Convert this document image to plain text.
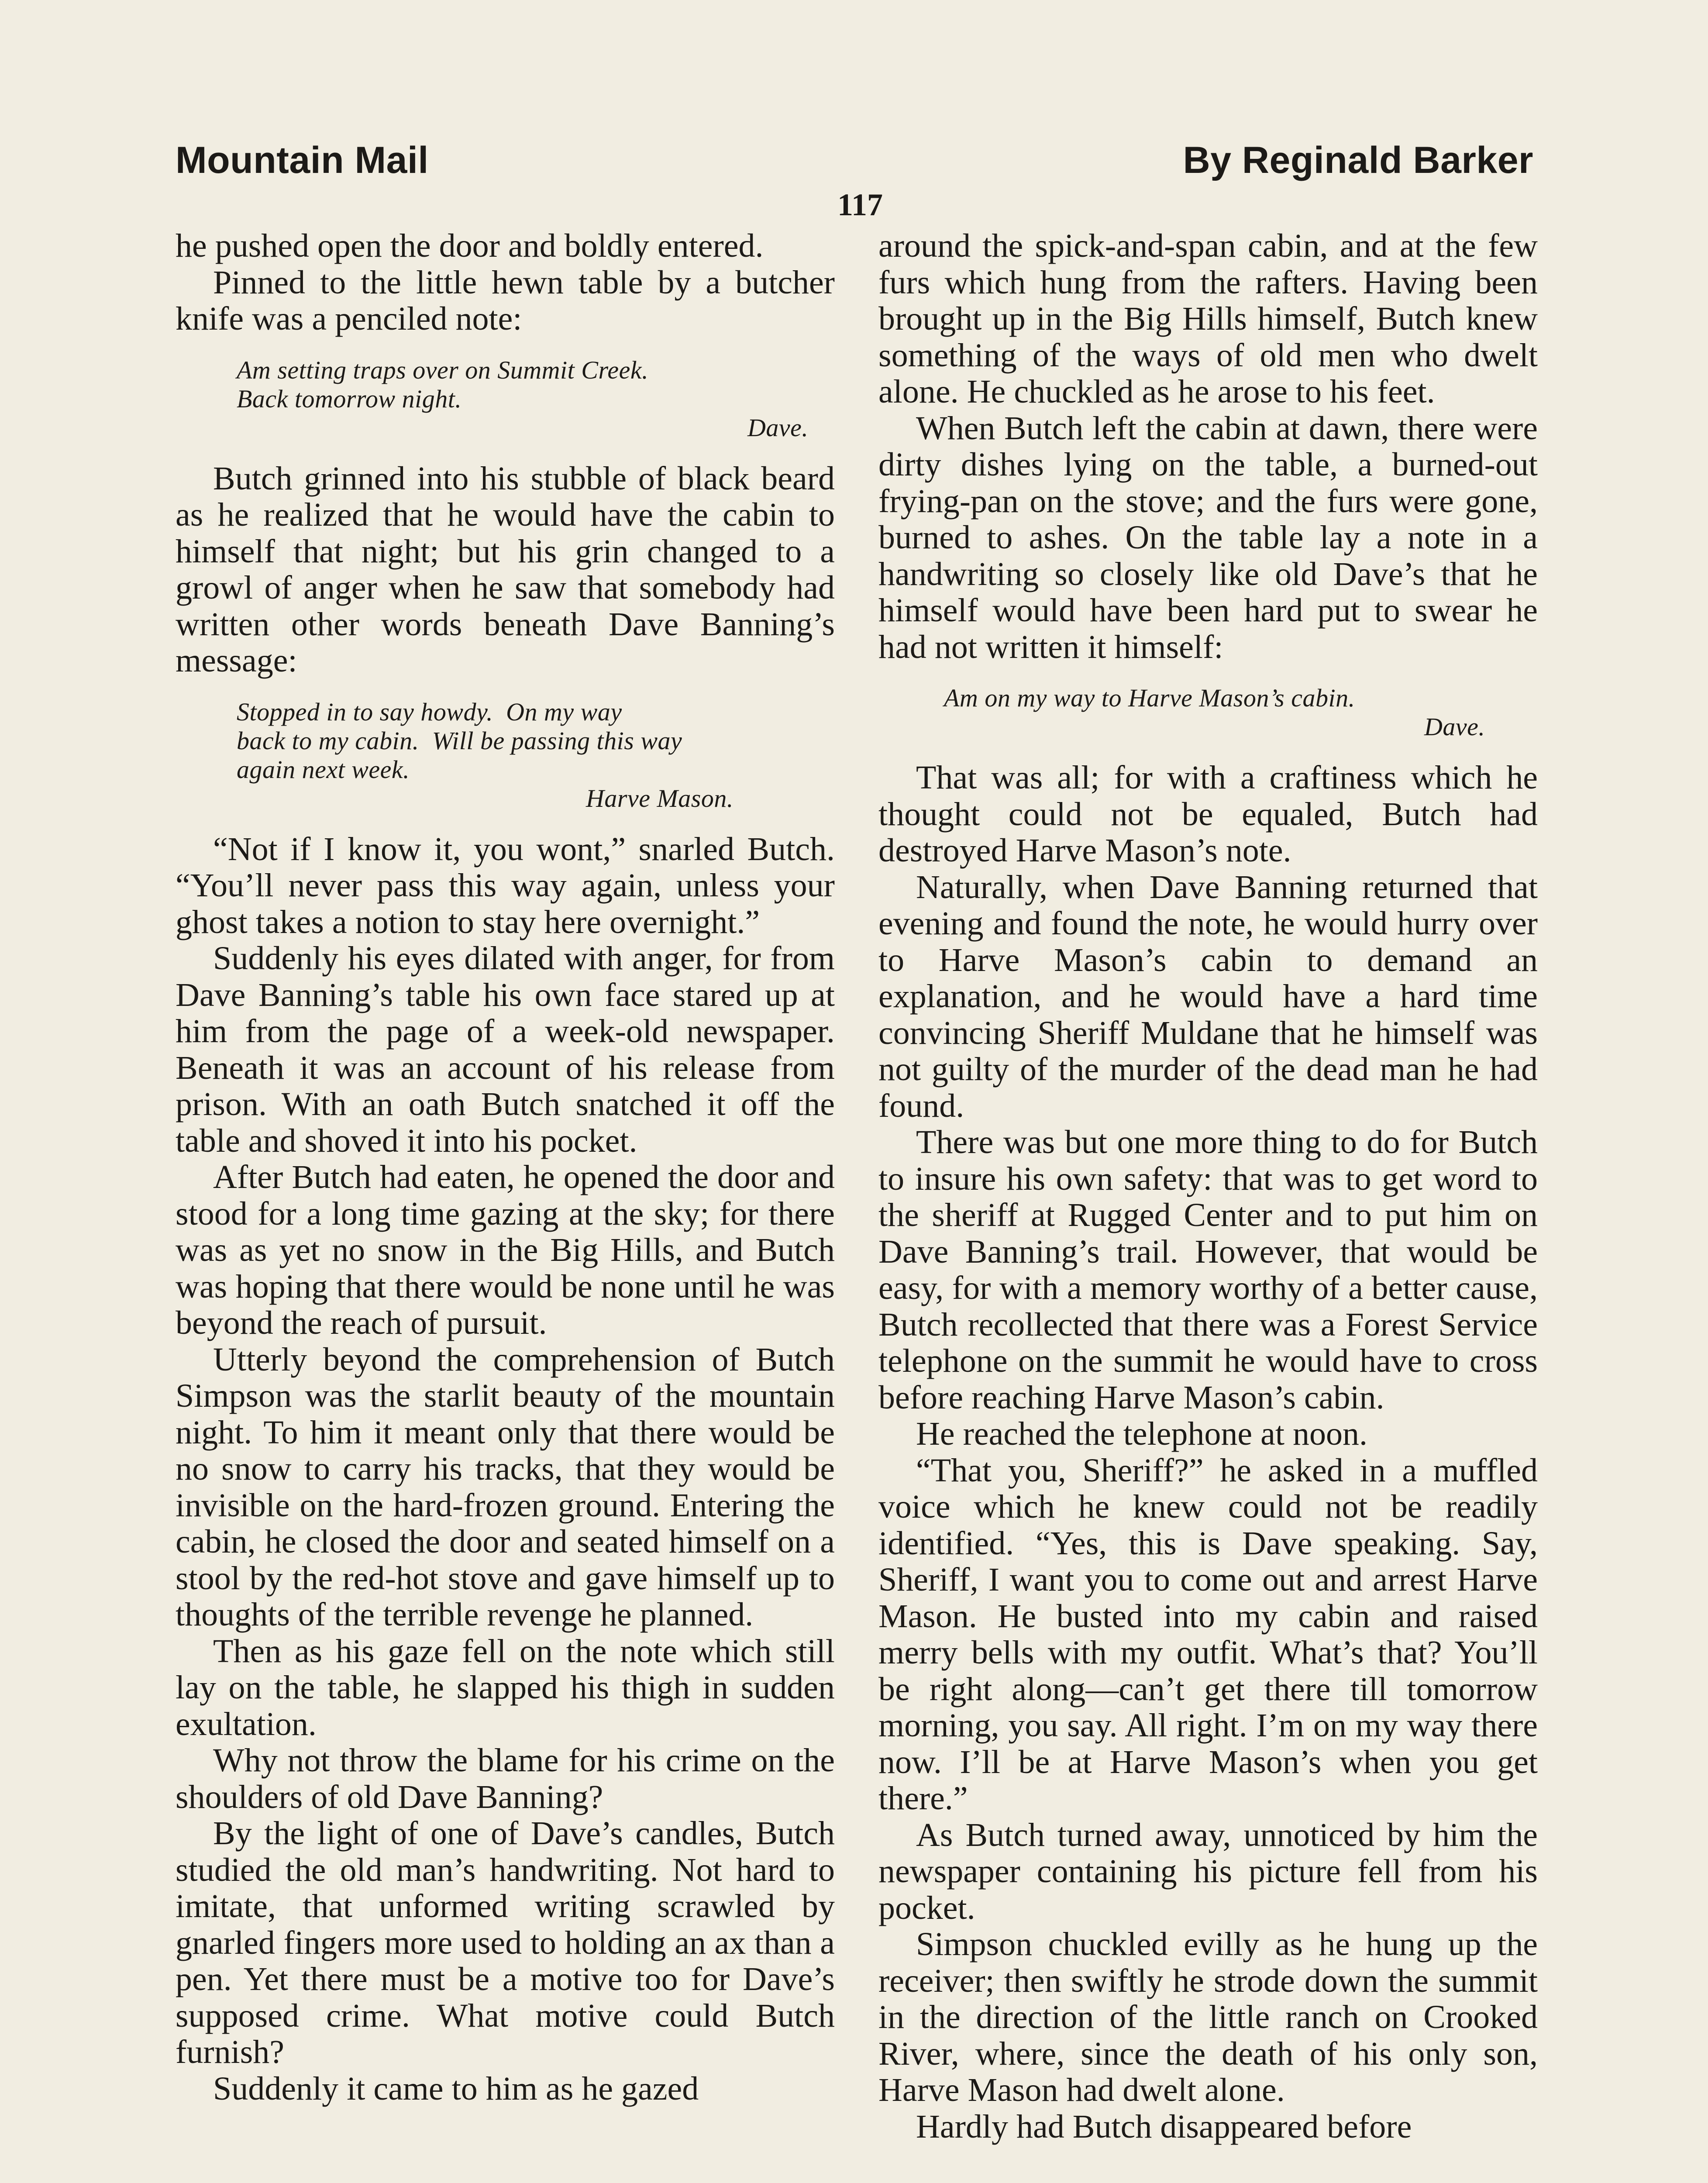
Mountain Mail	By Reginald Barker
117

he pushed open the door and boldly entered.

Pinned to the little hewn table by a butcher knife was a penciled note:

Am setting traps over on Summit Creek.
Back tomorrow night.

Dave.

Butch grinned into his stubble of black beard as he realized that he would have the cabin to himself that night; but his grin changed to a growl of anger when he saw that somebody had written other words beneath Dave Banning’s message:

Stopped in to say howdy.  On my way
back to my cabin.  Will be passing this way
again next week.

Harve Mason.

“Not if I know it, you wont,” snarled Butch. “You’ll never pass this way again, unless your ghost takes a notion to stay here overnight.”

Suddenly his eyes dilated with anger, for from Dave Banning’s table his own face stared up at him from the page of a week-old newspaper. Beneath it was an account of his release from prison. With an oath Butch snatched it off the table and shoved it into his pocket.

After Butch had eaten, he opened the door and stood for a long time gazing at the sky; for there was as yet no snow in the Big Hills, and Butch was hoping that there would be none until he was beyond the reach of pursuit.

Utterly beyond the comprehension of Butch Simpson was the starlit beauty of the mountain night. To him it meant only that there would be no snow to carry his tracks, that they would be invisible on the hard-frozen ground. Entering the cabin, he closed the door and seated himself on a stool by the red-hot stove and gave himself up to thoughts of the terrible revenge he planned.

Then as his gaze fell on the note which still lay on the table, he slapped his thigh in sudden exultation.

Why not throw the blame for his crime on the shoulders of old Dave Banning?

By the light of one of Dave’s candles, Butch studied the old man’s handwriting. Not hard to imitate, that unformed writing scrawled by gnarled fingers more used to holding an ax than a pen. Yet there must be a motive too for Dave’s supposed crime. What motive could Butch furnish?

Suddenly it came to him as he gazed

around the spick-and-span cabin, and at the few furs which hung from the rafters. Having been brought up in the Big Hills himself, Butch knew something of the ways of old men who dwelt alone. He chuckled as he arose to his feet.

When Butch left the cabin at dawn, there were dirty dishes lying on the table, a burned-out frying-pan on the stove; and the furs were gone, burned to ashes. On the table lay a note in a handwriting so closely like old Dave’s that he himself would have been hard put to swear he had not written it himself:

Am on my way to Harve Mason’s cabin.

Dave.

That was all; for with a craftiness which he thought could not be equaled, Butch had destroyed Harve Mason’s note.

Naturally, when Dave Banning returned that evening and found the note, he would hurry over to Harve Mason’s cabin to demand an explanation, and he would have a hard time convincing Sheriff Muldane that he himself was not guilty of the murder of the dead man he had found.

There was but one more thing to do for Butch to insure his own safety: that was to get word to the sheriff at Rugged Center and to put him on Dave Banning’s trail. However, that would be easy, for with a memory worthy of a better cause, Butch recollected that there was a Forest Service telephone on the summit he would have to cross before reaching Harve Mason’s cabin.

He reached the telephone at noon.

“That you, Sheriff?” he asked in a muffled voice which he knew could not be readily identified. “Yes, this is Dave speaking. Say, Sheriff, I want you to come out and arrest Harve Mason. He busted into my cabin and raised merry bells with my outfit. What’s that? You’ll be right along—can’t get there till tomorrow morning, you say. All right. I’m on my way there now. I’ll be at Harve Mason’s when you get there.”

As Butch turned away, unnoticed by him the newspaper containing his picture fell from his pocket.

Simpson chuckled evilly as he hung up the receiver; then swiftly he strode down the summit in the direction of the little ranch on Crooked River, where, since the death of his only son, Harve Mason had dwelt alone.

Hardly had Butch disappeared before
